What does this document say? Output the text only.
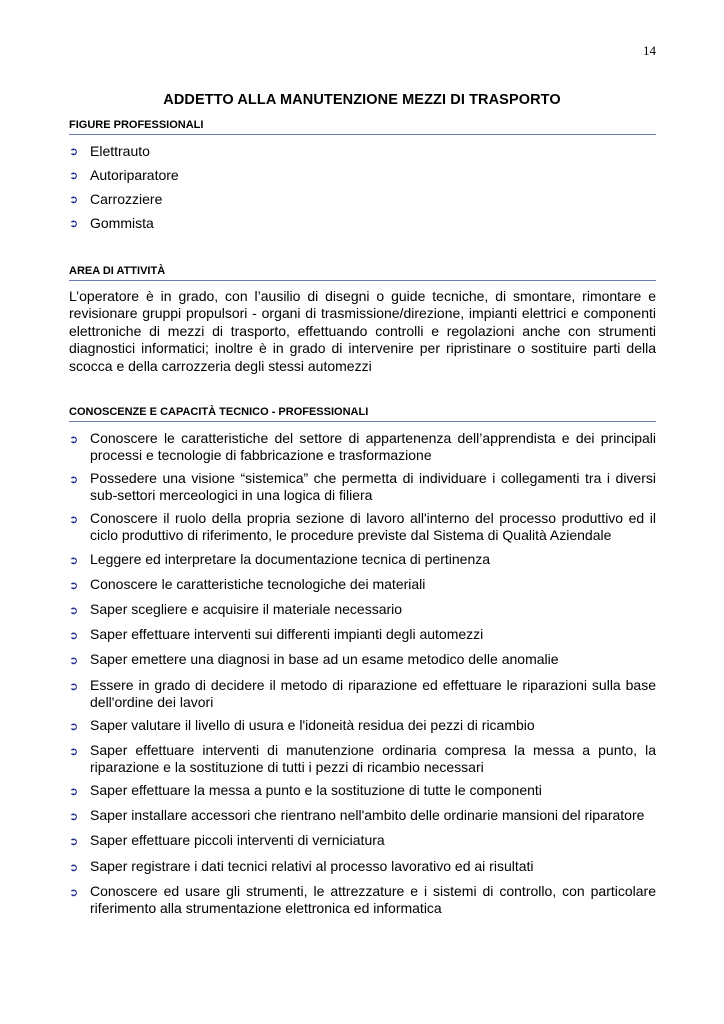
14
ADDETTO ALLA MANUTENZIONE MEZZI DI TRASPORTO
FIGURE PROFESSIONALI
➲ Elettrauto
➲ Autoriparatore
➲ Carrozziere
➲ Gommista
AREA DI ATTIVITÀ

L’operatore è in grado, con l’ausilio di disegni o guide tecniche, di smontare, rimontare e revisionare gruppi propulsori - organi di trasmissione/direzione, impianti elettrici e componenti elettroniche di mezzi di trasporto, effettuando controlli e regolazioni anche con strumenti diagnostici informatici; inoltre è in grado di intervenire per ripristinare o sostituire parti della scocca e della carrozzeria degli stessi automezzi

CONOSCENZE E CAPACITÀ TECNICO - PROFESSIONALI
➲ Conoscere le caratteristiche del settore di appartenenza dell’apprendista e dei principali processi e tecnologie di fabbricazione e trasformazione
➲ Possedere una visione “sistemica” che permetta di individuare i collegamenti tra i diversi sub-settori merceologici in una logica di filiera
➲ Conoscere il ruolo della propria sezione di lavoro all'interno del processo produttivo ed il ciclo produttivo di riferimento, le procedure previste dal Sistema di Qualità Aziendale
➲ Leggere ed interpretare la documentazione tecnica di pertinenza
➲ Conoscere le caratteristiche tecnologiche dei materiali
➲ Saper scegliere e acquisire il materiale necessario
➲ Saper effettuare interventi sui differenti impianti degli automezzi
➲ Saper emettere una diagnosi in base ad un esame metodico delle anomalie
➲ Essere in grado di decidere il metodo di riparazione ed effettuare le riparazioni sulla base dell'ordine dei lavori
➲ Saper valutare il livello di usura e l'idoneità residua dei pezzi di ricambio
➲ Saper effettuare interventi di manutenzione ordinaria compresa la messa a punto, la riparazione e la sostituzione di tutti i pezzi di ricambio necessari
➲ Saper effettuare la messa a punto e la sostituzione di tutte le componenti
➲ Saper installare accessori che rientrano nell'ambito delle ordinarie mansioni del riparatore
➲ Saper effettuare piccoli interventi di verniciatura
➲ Saper registrare i dati tecnici relativi al processo lavorativo ed ai risultati
➲ Conoscere ed usare gli strumenti, le attrezzature e i sistemi di controllo, con particolare riferimento alla strumentazione elettronica ed informatica
